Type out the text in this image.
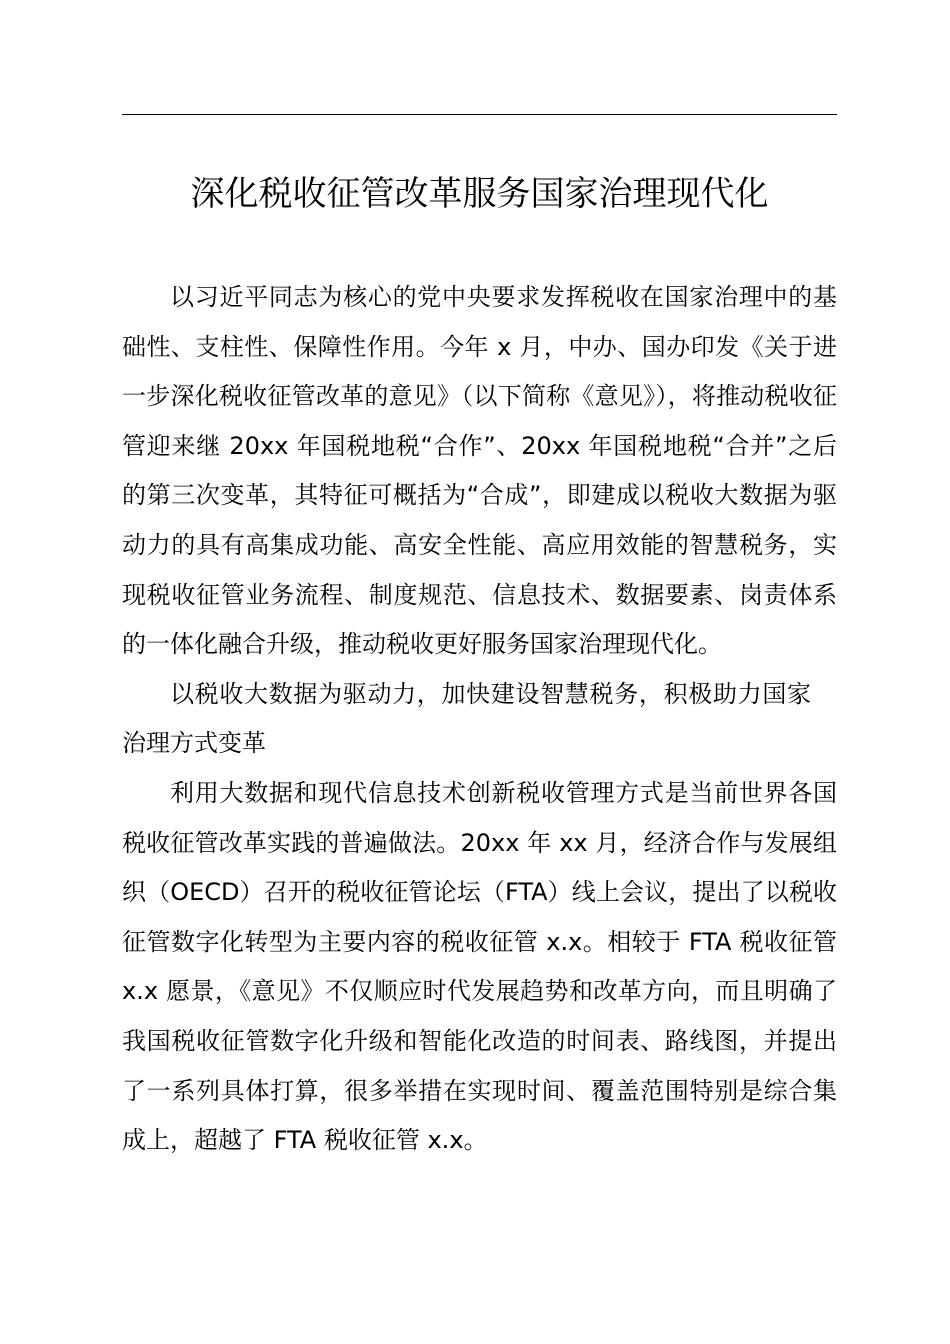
深化税收征管改革服务国家治理现代化

以习近平同志为核心的党中央要求发挥税收在国家治理中的基础性、支柱性、保障性作用。今年 x 月，中办、国办印发《关于进一步深化税收征管改革的意见》（以下简称《意见》），将推动税收征管迎来继 20xx 年国税地税“合作”、20xx 年国税地税“合并”之后的第三次变革，其特征可概括为“合成”，即建成以税收大数据为驱动力的具有高集成功能、高安全性能、高应用效能的智慧税务，实现税收征管业务流程、制度规范、信息技术、数据要素、岗责体系的一体化融合升级，推动税收更好服务国家治理现代化。

以税收大数据为驱动力，加快建设智慧税务，积极助力国家治理方式变革

利用大数据和现代信息技术创新税收管理方式是当前世界各国税收征管改革实践的普遍做法。20xx 年 xx 月，经济合作与发展组织（OECD）召开的税收征管论坛（FTA）线上会议，提出了以税收征管数字化转型为主要内容的税收征管 x.x。相较于 FTA 税收征管 x.x 愿景，《意见》不仅顺应时代发展趋势和改革方向，而且明确了我国税收征管数字化升级和智能化改造的时间表、路线图，并提出了一系列具体打算，很多举措在实现时间、覆盖范围特别是综合集成上，超越了 FTA 税收征管 x.x。
